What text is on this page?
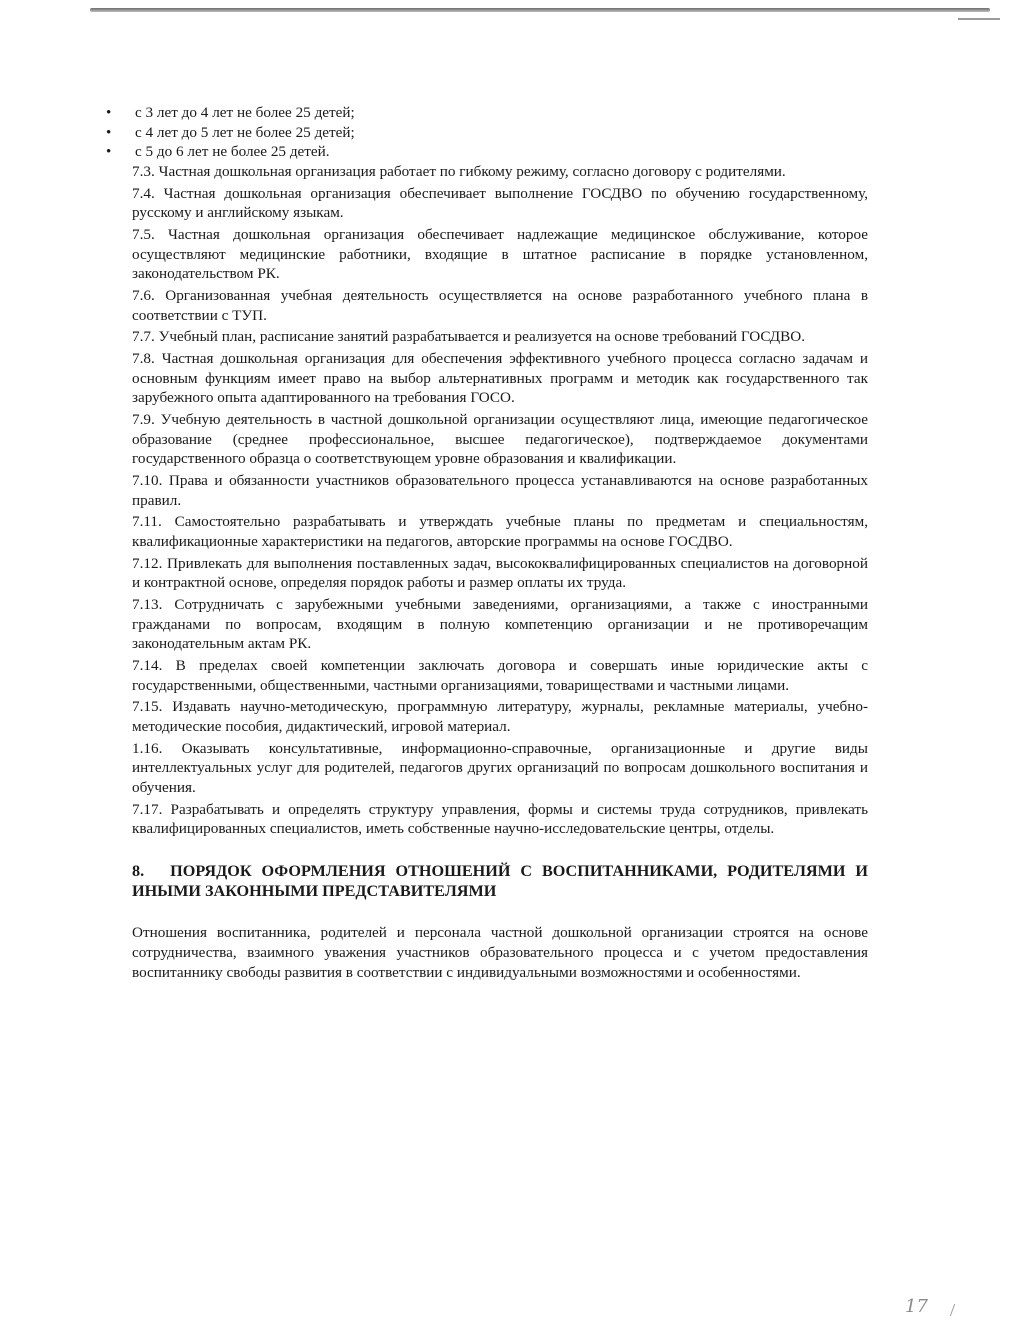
• с 3 лет до 4 лет не более 25 детей;
• с 4 лет до 5 лет не более 25 детей;
• с 5 до 6 лет не более 25 детей.

7.3. Частная дошкольная организация работает по гибкому режиму, согласно договору с родителями.

7.4. Частная дошкольная организация обеспечивает выполнение ГОСДВО по обучению государственному, русскому и английскому языкам.

7.5. Частная дошкольная организация обеспечивает надлежащие медицинское обслуживание, которое осуществляют медицинские работники, входящие в штатное расписание в порядке установленном, законодательством РК.

7.6. Организованная учебная деятельность осуществляется на основе разработанного учебного плана в соответствии с ТУП.

7.7. Учебный план, расписание занятий разрабатывается и реализуется на основе требований ГОСДВО.

7.8. Частная дошкольная организация для обеспечения эффективного учебного процесса согласно задачам и основным функциям имеет право на выбор альтернативных программ и методик как государственного так зарубежного опыта адаптированного на требования ГОСО.

7.9. Учебную деятельность в частной дошкольной организации осуществляют лица, имеющие педагогическое образование (среднее профессиональное, высшее педагогическое), подтверждаемое документами государственного образца о соответствующем уровне образования и квалификации.

7.10. Права и обязанности участников образовательного процесса устанавливаются на основе разработанных правил.

7.11. Самостоятельно разрабатывать и утверждать учебные планы по предметам и специальностям, квалификационные характеристики на педагогов, авторские программы на основе ГОСДВО.

7.12. Привлекать для выполнения поставленных задач, высококвалифицированных специалистов на договорной и контрактной основе, определяя порядок работы и размер оплаты их труда.

7.13. Сотрудничать с зарубежными учебными заведениями, организациями, а также с иностранными гражданами по вопросам, входящим в полную компетенцию организации и не противоречащим законодательным актам РК.

7.14. В пределах своей компетенции заключать договора и совершать иные юридические акты с государственными, общественными, частными организациями, товариществами и частными лицами.

7.15. Издавать научно-методическую, программную литературу, журналы, рекламные материалы, учебно-методические пособия, дидактический, игровой материал.

1.16. Оказывать консультативные, информационно-справочные, организационные и другие виды интеллектуальных услуг для родителей, педагогов других организаций по вопросам дошкольного воспитания и обучения.

7.17. Разрабатывать и определять структуру управления, формы и системы труда сотрудников, привлекать квалифицированных специалистов, иметь собственные научно-исследовательские центры, отделы.

8. ПОРЯДОК ОФОРМЛЕНИЯ ОТНОШЕНИЙ С ВОСПИТАННИКАМИ, РОДИТЕЛЯМИ И ИНЫМИ ЗАКОННЫМИ ПРЕДСТАВИТЕЛЯМИ

Отношения воспитанника, родителей и персонала частной дошкольной организации строятся на основе сотрудничества, взаимного уважения участников образовательного процесса и с учетом предоставления воспитаннику свободы развития в соответствии с индивидуальными возможностями и особенностями.

17
